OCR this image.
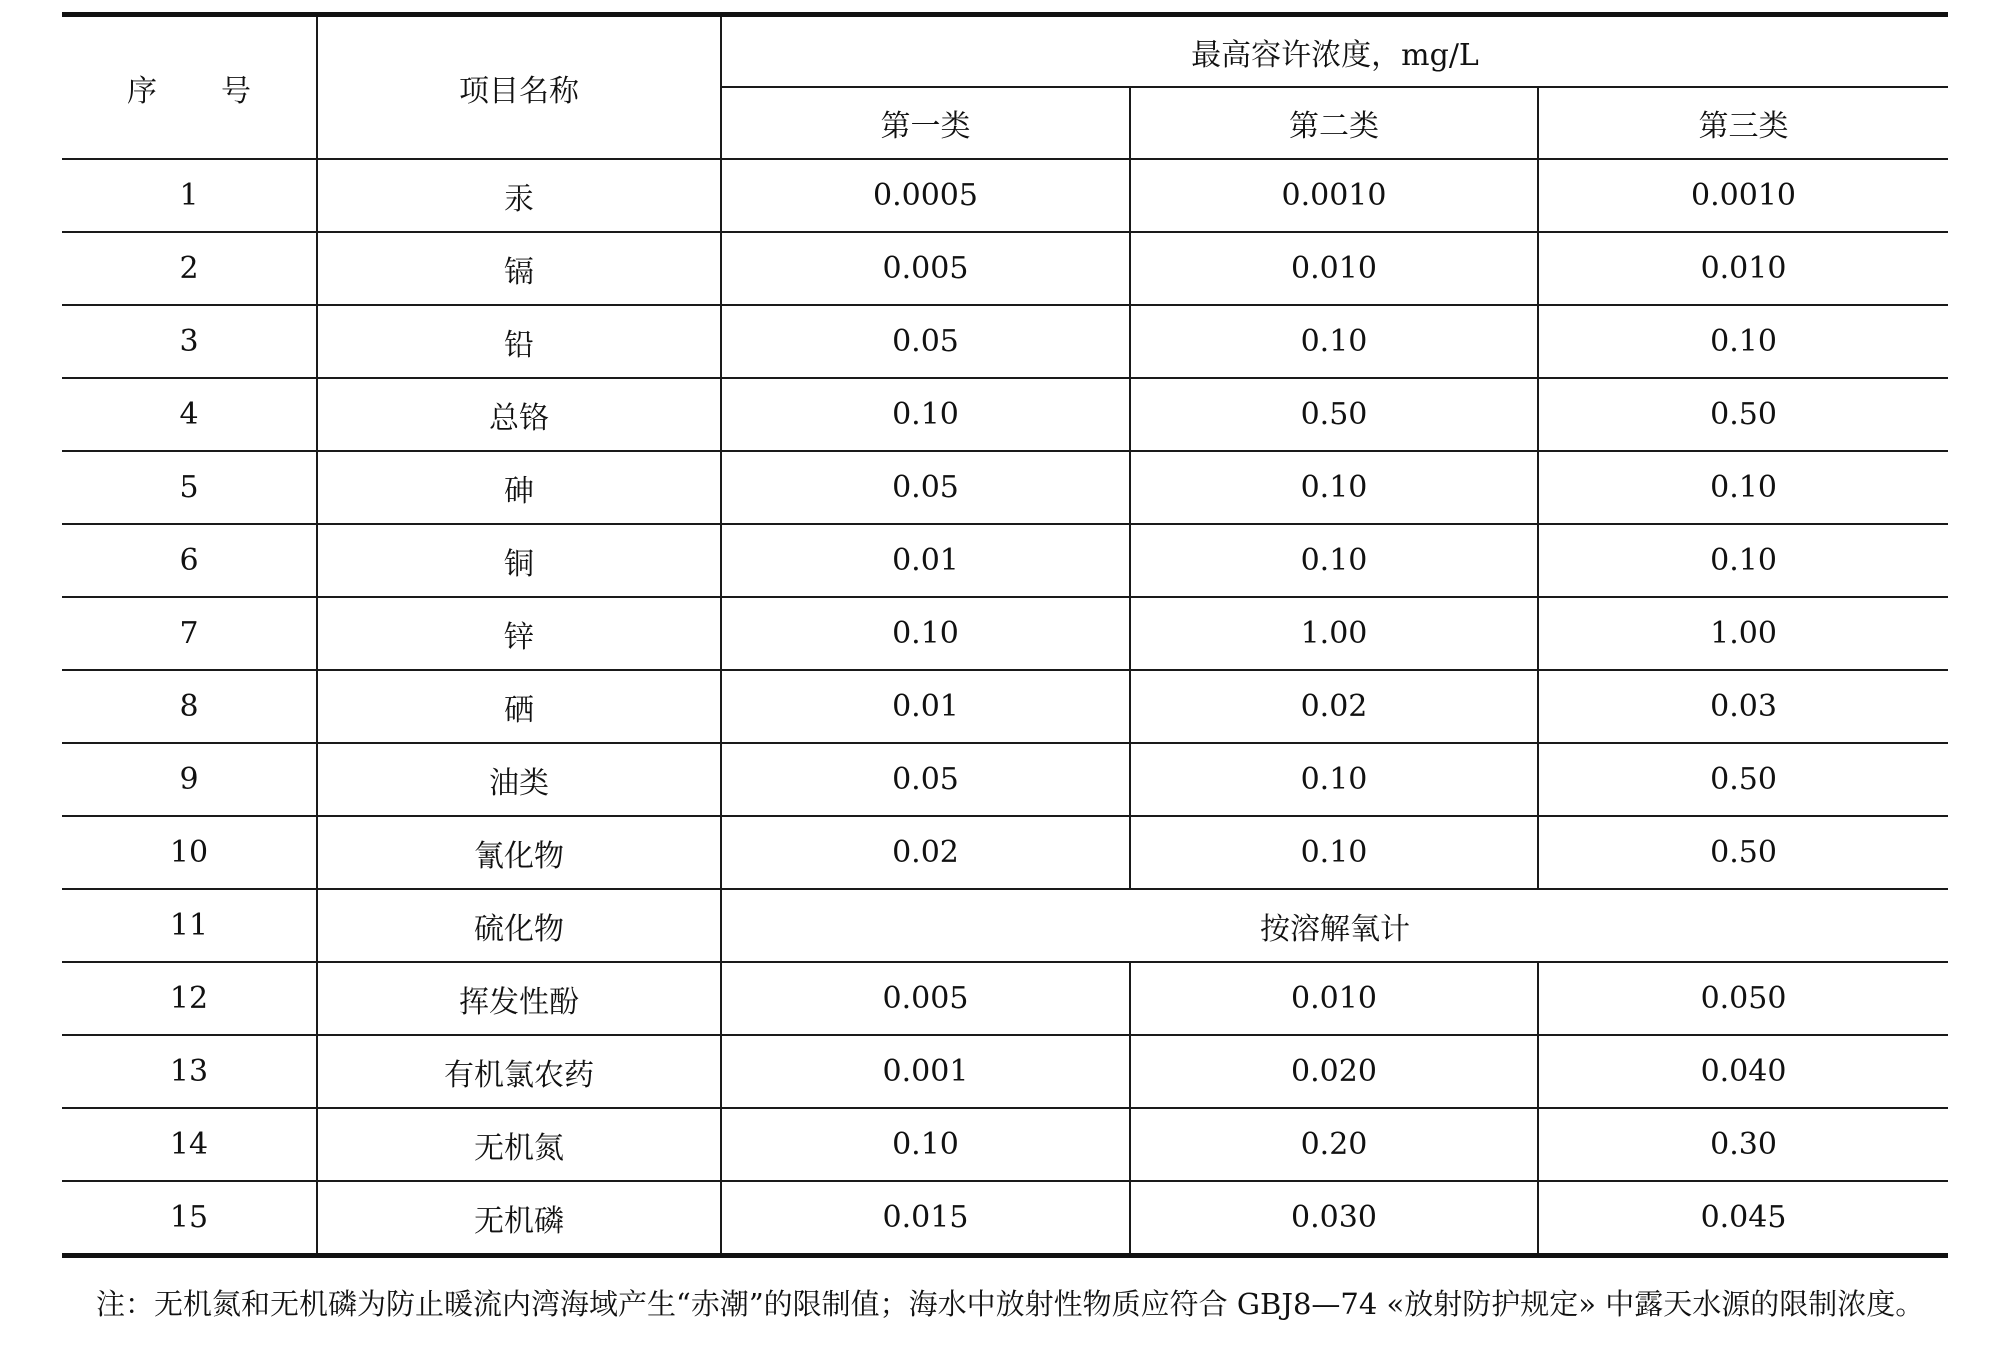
序号	项目名称	最高容许浓度，mg/L		
		第一类	第二类	第三类
1	汞	0.0005	0.0010	0.0010
2	镉	0.005	0.010	0.010
3	铅	0.05	0.10	0.10
4	总铬	0.10	0.50	0.50
5	砷	0.05	0.10	0.10
6	铜	0.01	0.10	0.10
7	锌	0.10	1.00	1.00
8	硒	0.01	0.02	0.03
9	油类	0.05	0.10	0.50
10	氰化物	0.02	0.10	0.50
11	硫化物	按溶解氧计		
12	挥发性酚	0.005	0.010	0.050
13	有机氯农药	0.001	0.020	0.040
14	无机氮	0.10	0.20	0.30
15	无机磷	0.015	0.030	0.045
注： 无机氮和无机磷为防止暖流内湾海域产生“赤潮”的限制值；海水中放射性物质应符合 GBJ8—74 «放射防护规定» 中露天水源的限制浓度。
